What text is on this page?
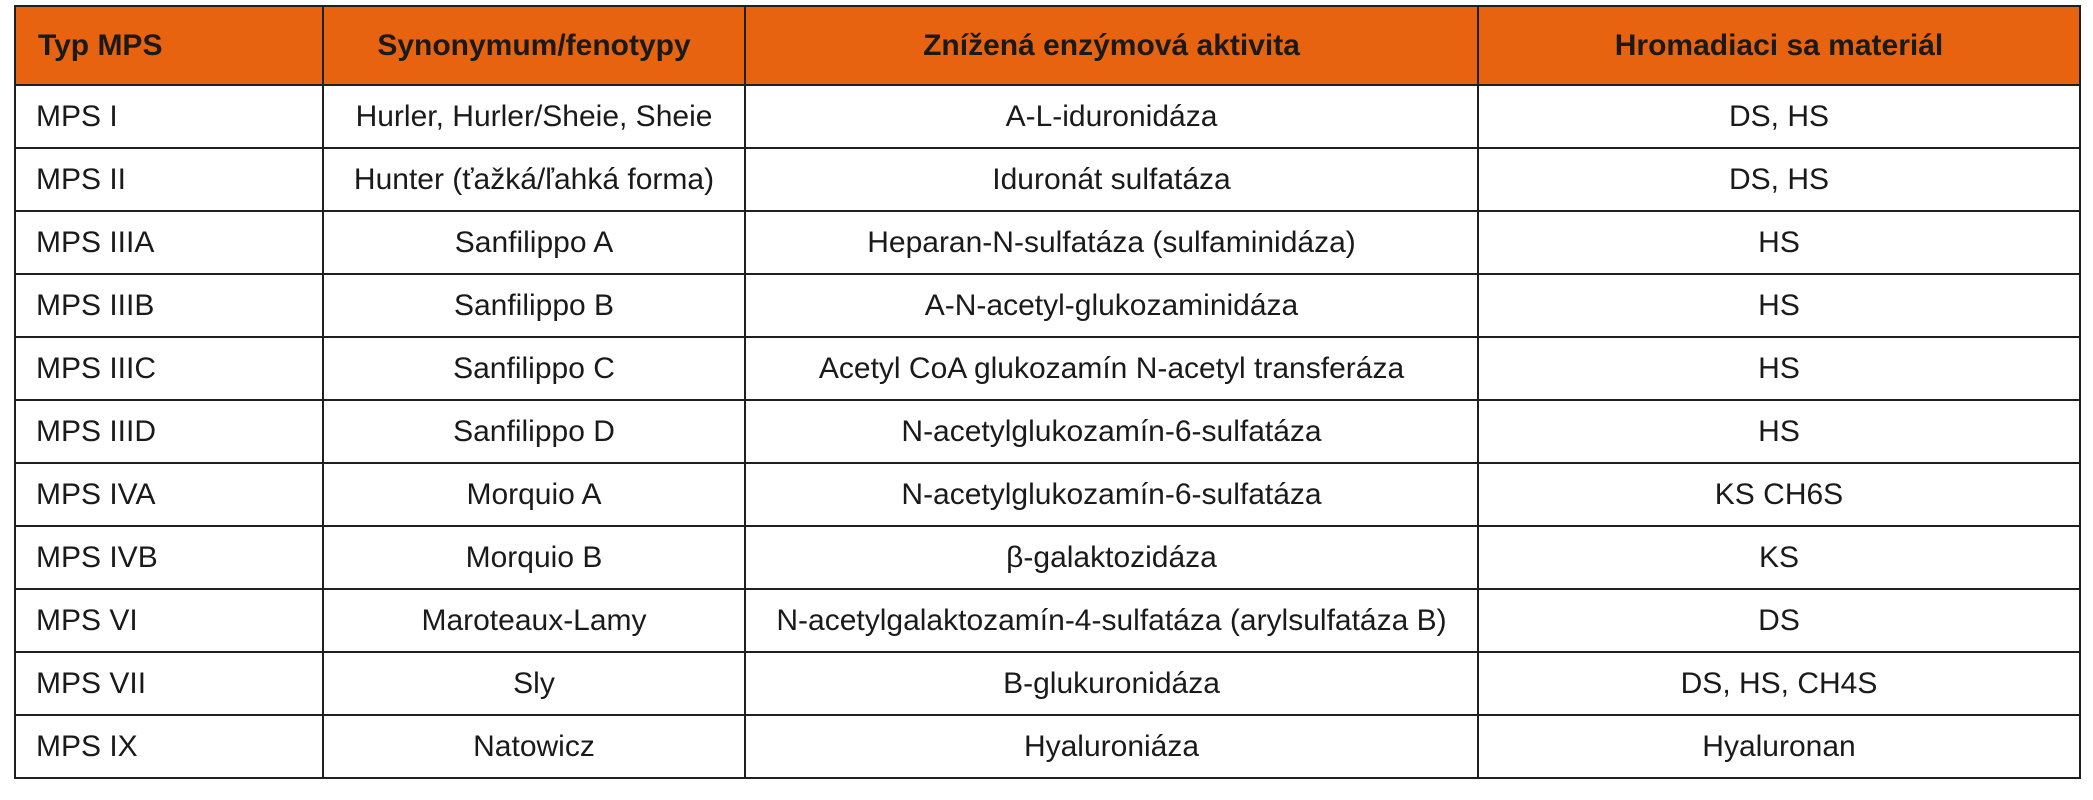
Typ MPS	Synonymum/fenotypy	Znížená enzýmová aktivita	Hromadiaci sa materiál
MPS I	Hurler, Hurler/Sheie, Sheie	A-L-iduronidáza	DS, HS
MPS II	Hunter (ťažká/ľahká forma)	Iduronát sulfatáza	DS, HS
MPS IIIA	Sanfilippo A	Heparan-N-sulfatáza (sulfaminidáza)	HS
MPS IIIB	Sanfilippo B	A-N-acetyl-glukozaminidáza	HS
MPS IIIC	Sanfilippo C	Acetyl CoA glukozamín N-acetyl transferáza	HS
MPS IIID	Sanfilippo D	N-acetylglukozamín-6-sulfatáza	HS
MPS IVA	Morquio A	N-acetylglukozamín-6-sulfatáza	KS CH6S
MPS IVB	Morquio B	β-galaktozidáza	KS
MPS VI	Maroteaux-Lamy	N-acetylgalaktozamín-4-sulfatáza (arylsulfatáza B)	DS
MPS VII	Sly	B-glukuronidáza	DS, HS, CH4S
MPS IX	Natowicz	Hyaluroniáza	Hyaluronan
